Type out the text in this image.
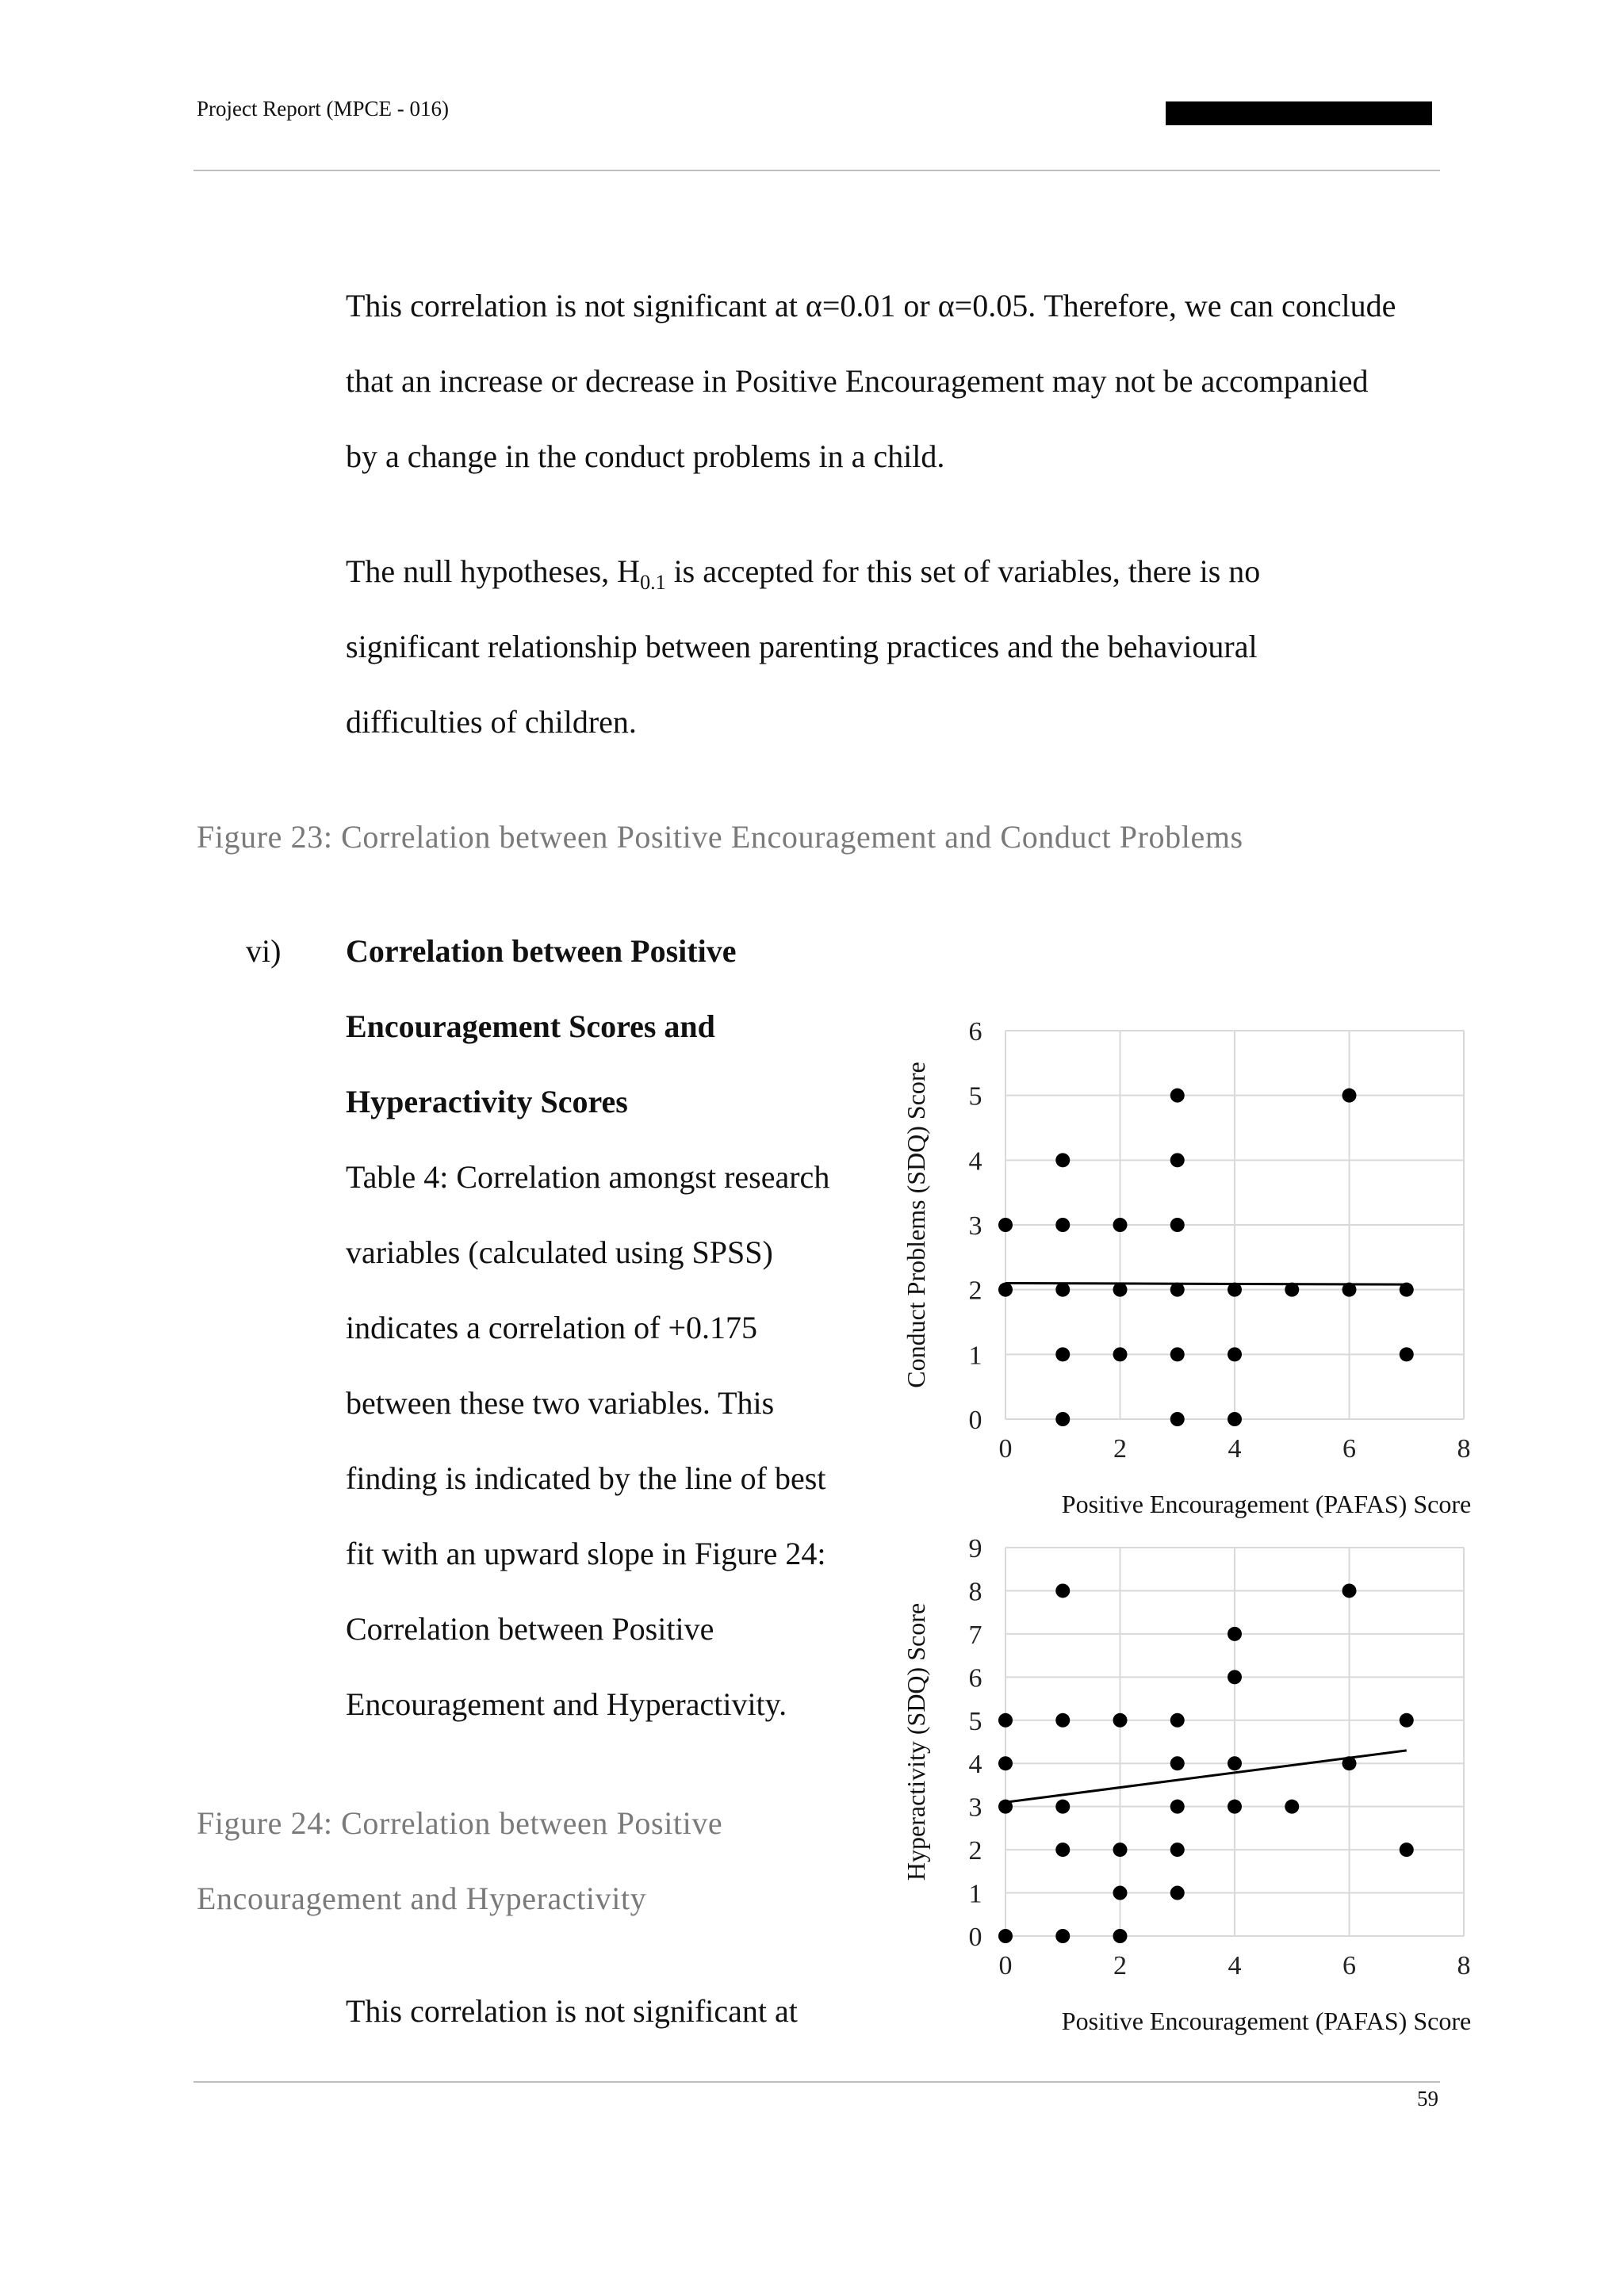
Project Report (MPCE - 016)
This correlation is not significant at α=0.01 or α=0.05. Therefore, we can conclude
that an increase or decrease in Positive Encouragement may not be accompanied
by a change in the conduct problems in a child.
The null hypotheses, $H_{0.1}$ is accepted for this set of variables, there is no
significant relationship between parenting practices and the behavioural
difficulties of children.
Figure 23: Correlation between Positive Encouragement and Conduct Problems
vi) Correlation between Positive
Encouragement Scores and
Hyperactivity Scores
Table 4: Correlation amongst research
variables (calculated using SPSS)
indicates a correlation of +0.175
between these two variables. This
finding is indicated by the line of best
fit with an upward slope in Figure 24:
Correlation between Positive
Encouragement and Hyperactivity.
Figure 24: Correlation between Positive
Encouragement and Hyperactivity
This correlation is not significant at
59
0
1
2
3
4
5
6
0	2	4	6	8
Conduct Problems (SDQ) Score
Positive Encouragement (PAFAS) Score
0
1
2
3
4
5
6
7
8
9
0	2	4	6	8
Hyperactivity (SDQ) Score
Positive Encouragement (PAFAS) Score
